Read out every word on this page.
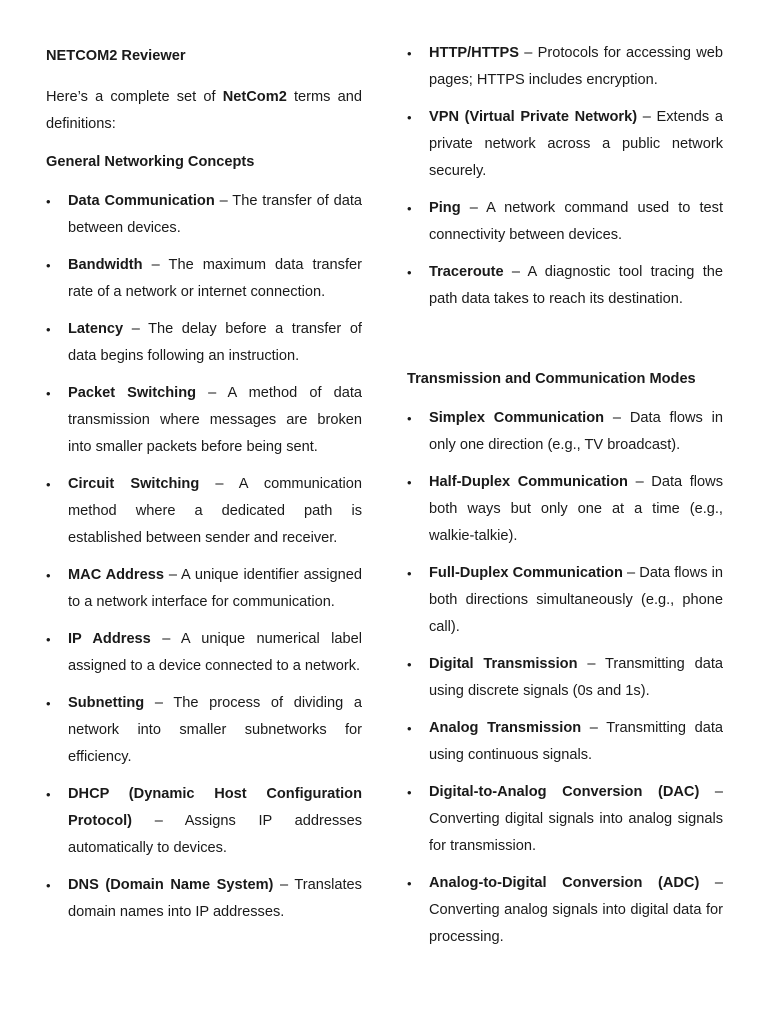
NETCOM2 Reviewer
Here’s a complete set of NetCom2 terms and definitions:
General Networking Concepts
• Data Communication – The transfer of data between devices.
• Bandwidth – The maximum data transfer rate of a network or internet connection.
• Latency – The delay before a transfer of data begins following an instruction.
• Packet Switching – A method of data transmission where messages are broken into smaller packets before being sent.
• Circuit Switching – A communication method where a dedicated path is established between sender and receiver.
• MAC Address – A unique identifier assigned to a network interface for communication.
• IP Address – A unique numerical label assigned to a device connected to a network.
• Subnetting – The process of dividing a network into smaller subnetworks for efficiency.
• DHCP (Dynamic Host Configuration Protocol) – Assigns IP addresses automatically to devices.
• DNS (Domain Name System) – Translates domain names into IP addresses.
• HTTP/HTTPS – Protocols for accessing web pages; HTTPS includes encryption.
• VPN (Virtual Private Network) – Extends a private network across a public network securely.
• Ping – A network command used to test connectivity between devices.
• Traceroute – A diagnostic tool tracing the path data takes to reach its destination.
Transmission and Communication Modes
• Simplex Communication – Data flows in only one direction (e.g., TV broadcast).
• Half-Duplex Communication – Data flows both ways but only one at a time (e.g., walkie-talkie).
• Full-Duplex Communication – Data flows in both directions simultaneously (e.g., phone call).
• Digital Transmission – Transmitting data using discrete signals (0s and 1s).
• Analog Transmission – Transmitting data using continuous signals.
• Digital-to-Analog Conversion (DAC) – Converting digital signals into analog signals for transmission.
• Analog-to-Digital Conversion (ADC) – Converting analog signals into digital data for processing.
